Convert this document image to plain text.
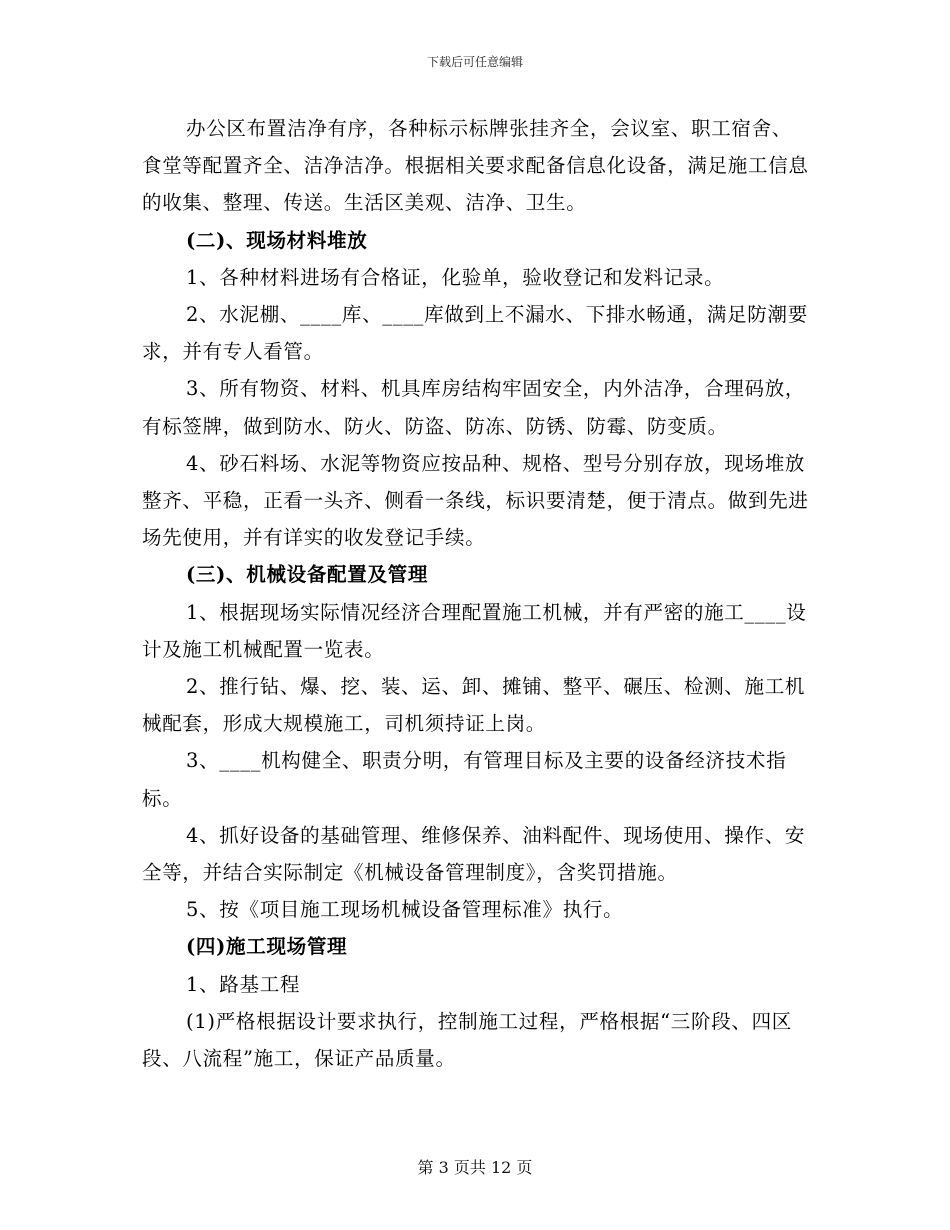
下载后可任意编辑

办公区布置洁净有序，各种标示标牌张挂齐全，会议室、职工宿舍、食堂等配置齐全、洁净洁净。根据相关要求配备信息化设备，满足施工信息的收集、整理、传送。生活区美观、洁净、卫生。

(二)、现场材料堆放

1、各种材料进场有合格证，化验单，验收登记和发料记录。

2、水泥棚、____库、____库做到上不漏水、下排水畅通，满足防潮要求，并有专人看管。

3、所有物资、材料、机具库房结构牢固安全，内外洁净，合理码放，有标签牌，做到防水、防火、防盗、防冻、防锈、防霉、防变质。

4、砂石料场、水泥等物资应按品种、规格、型号分别存放，现场堆放整齐、平稳，正看一头齐、侧看一条线，标识要清楚，便于清点。做到先进场先使用，并有详实的收发登记手续。

(三)、机械设备配置及管理

1、根据现场实际情况经济合理配置施工机械，并有严密的施工____设计及施工机械配置一览表。

2、推行钻、爆、挖、装、运、卸、摊铺、整平、碾压、检测、施工机械配套，形成大规模施工，司机须持证上岗。

3、____机构健全、职责分明，有管理目标及主要的设备经济技术指标。

4、抓好设备的基础管理、维修保养、油料配件、现场使用、操作、安全等，并结合实际制定《机械设备管理制度》，含奖罚措施。

5、按《项目施工现场机械设备管理标准》执行。

(四)施工现场管理

1、路基工程

(1)严格根据设计要求执行，控制施工过程，严格根据“三阶段、四区段、八流程”施工，保证产品质量。

第 3 页共 12 页
